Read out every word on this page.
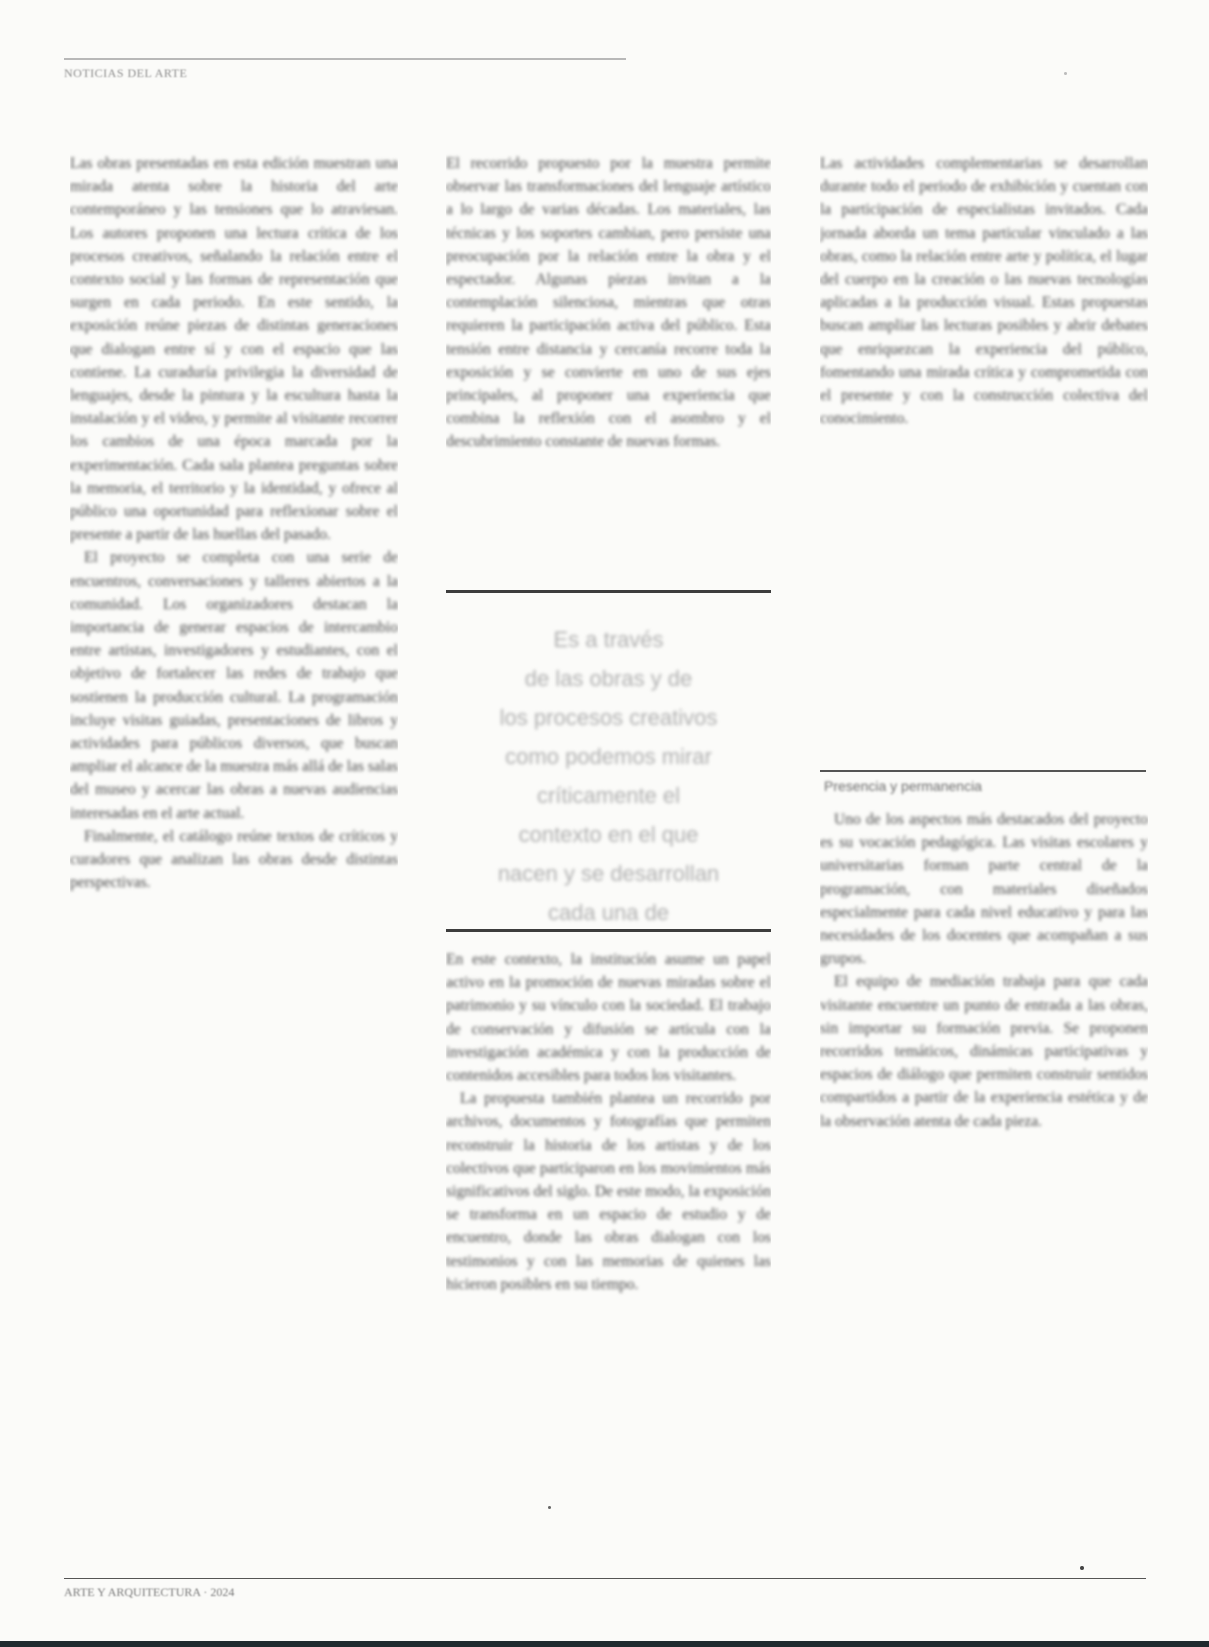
NOTICIAS DEL ARTE

Las obras presentadas en esta edición muestran una mirada atenta sobre la historia del arte contemporáneo y las tensiones que lo atraviesan. Los autores proponen una lectura crítica de los procesos creativos, señalando la relación entre el contexto social y las formas de representación que surgen en cada periodo. En este sentido, la exposición reúne piezas de distintas generaciones que dialogan entre sí y con el espacio que las contiene. La curaduría privilegia la diversidad de lenguajes, desde la pintura y la escultura hasta la instalación y el video, y permite al visitante recorrer los cambios de una época marcada por la experimentación. Cada sala plantea preguntas sobre la memoria, el territorio y la identidad, y ofrece al público una oportunidad para reflexionar sobre el presente a partir de las huellas del pasado.

El proyecto se completa con una serie de encuentros, conversaciones y talleres abiertos a la comunidad. Los organizadores destacan la importancia de generar espacios de intercambio entre artistas, investigadores y estudiantes, con el objetivo de fortalecer las redes de trabajo que sostienen la producción cultural. La programación incluye visitas guiadas, presentaciones de libros y actividades para públicos diversos, que buscan ampliar el alcance de la muestra más allá de las salas del museo y acercar las obras a nuevas audiencias interesadas en el arte actual.

Finalmente, el catálogo reúne textos de críticos y curadores que analizan las obras desde distintas perspectivas.

El recorrido propuesto por la muestra permite observar las transformaciones del lenguaje artístico a lo largo de varias décadas. Los materiales, las técnicas y los soportes cambian, pero persiste una preocupación por la relación entre la obra y el espectador. Algunas piezas invitan a la contemplación silenciosa, mientras que otras requieren la participación activa del público. Esta tensión entre distancia y cercanía recorre toda la exposición y se convierte en uno de sus ejes principales, al proponer una experiencia que combina la reflexión con el asombro y el descubrimiento constante de nuevas formas.

Es a través
de las obras y de
los procesos creativos
como podemos mirar
críticamente el
contexto en el que
nacen y se desarrollan
cada una de

En este contexto, la institución asume un papel activo en la promoción de nuevas miradas sobre el patrimonio y su vínculo con la sociedad. El trabajo de conservación y difusión se articula con la investigación académica y con la producción de contenidos accesibles para todos los visitantes.

La propuesta también plantea un recorrido por archivos, documentos y fotografías que permiten reconstruir la historia de los artistas y de los colectivos que participaron en los movimientos más significativos del siglo. De este modo, la exposición se transforma en un espacio de estudio y de encuentro, donde las obras dialogan con los testimonios y con las memorias de quienes las hicieron posibles en su tiempo.

Las actividades complementarias se desarrollan durante todo el periodo de exhibición y cuentan con la participación de especialistas invitados. Cada jornada aborda un tema particular vinculado a las obras, como la relación entre arte y política, el lugar del cuerpo en la creación o las nuevas tecnologías aplicadas a la producción visual. Estas propuestas buscan ampliar las lecturas posibles y abrir debates que enriquezcan la experiencia del público, fomentando una mirada crítica y comprometida con el presente y con la construcción colectiva del conocimiento.

Presencia y permanencia

Uno de los aspectos más destacados del proyecto es su vocación pedagógica. Las visitas escolares y universitarias forman parte central de la programación, con materiales diseñados especialmente para cada nivel educativo y para las necesidades de los docentes que acompañan a sus grupos.

El equipo de mediación trabaja para que cada visitante encuentre un punto de entrada a las obras, sin importar su formación previa. Se proponen recorridos temáticos, dinámicas participativas y espacios de diálogo que permiten construir sentidos compartidos a partir de la experiencia estética y de la observación atenta de cada pieza.

ARTE Y ARQUITECTURA · 2024
